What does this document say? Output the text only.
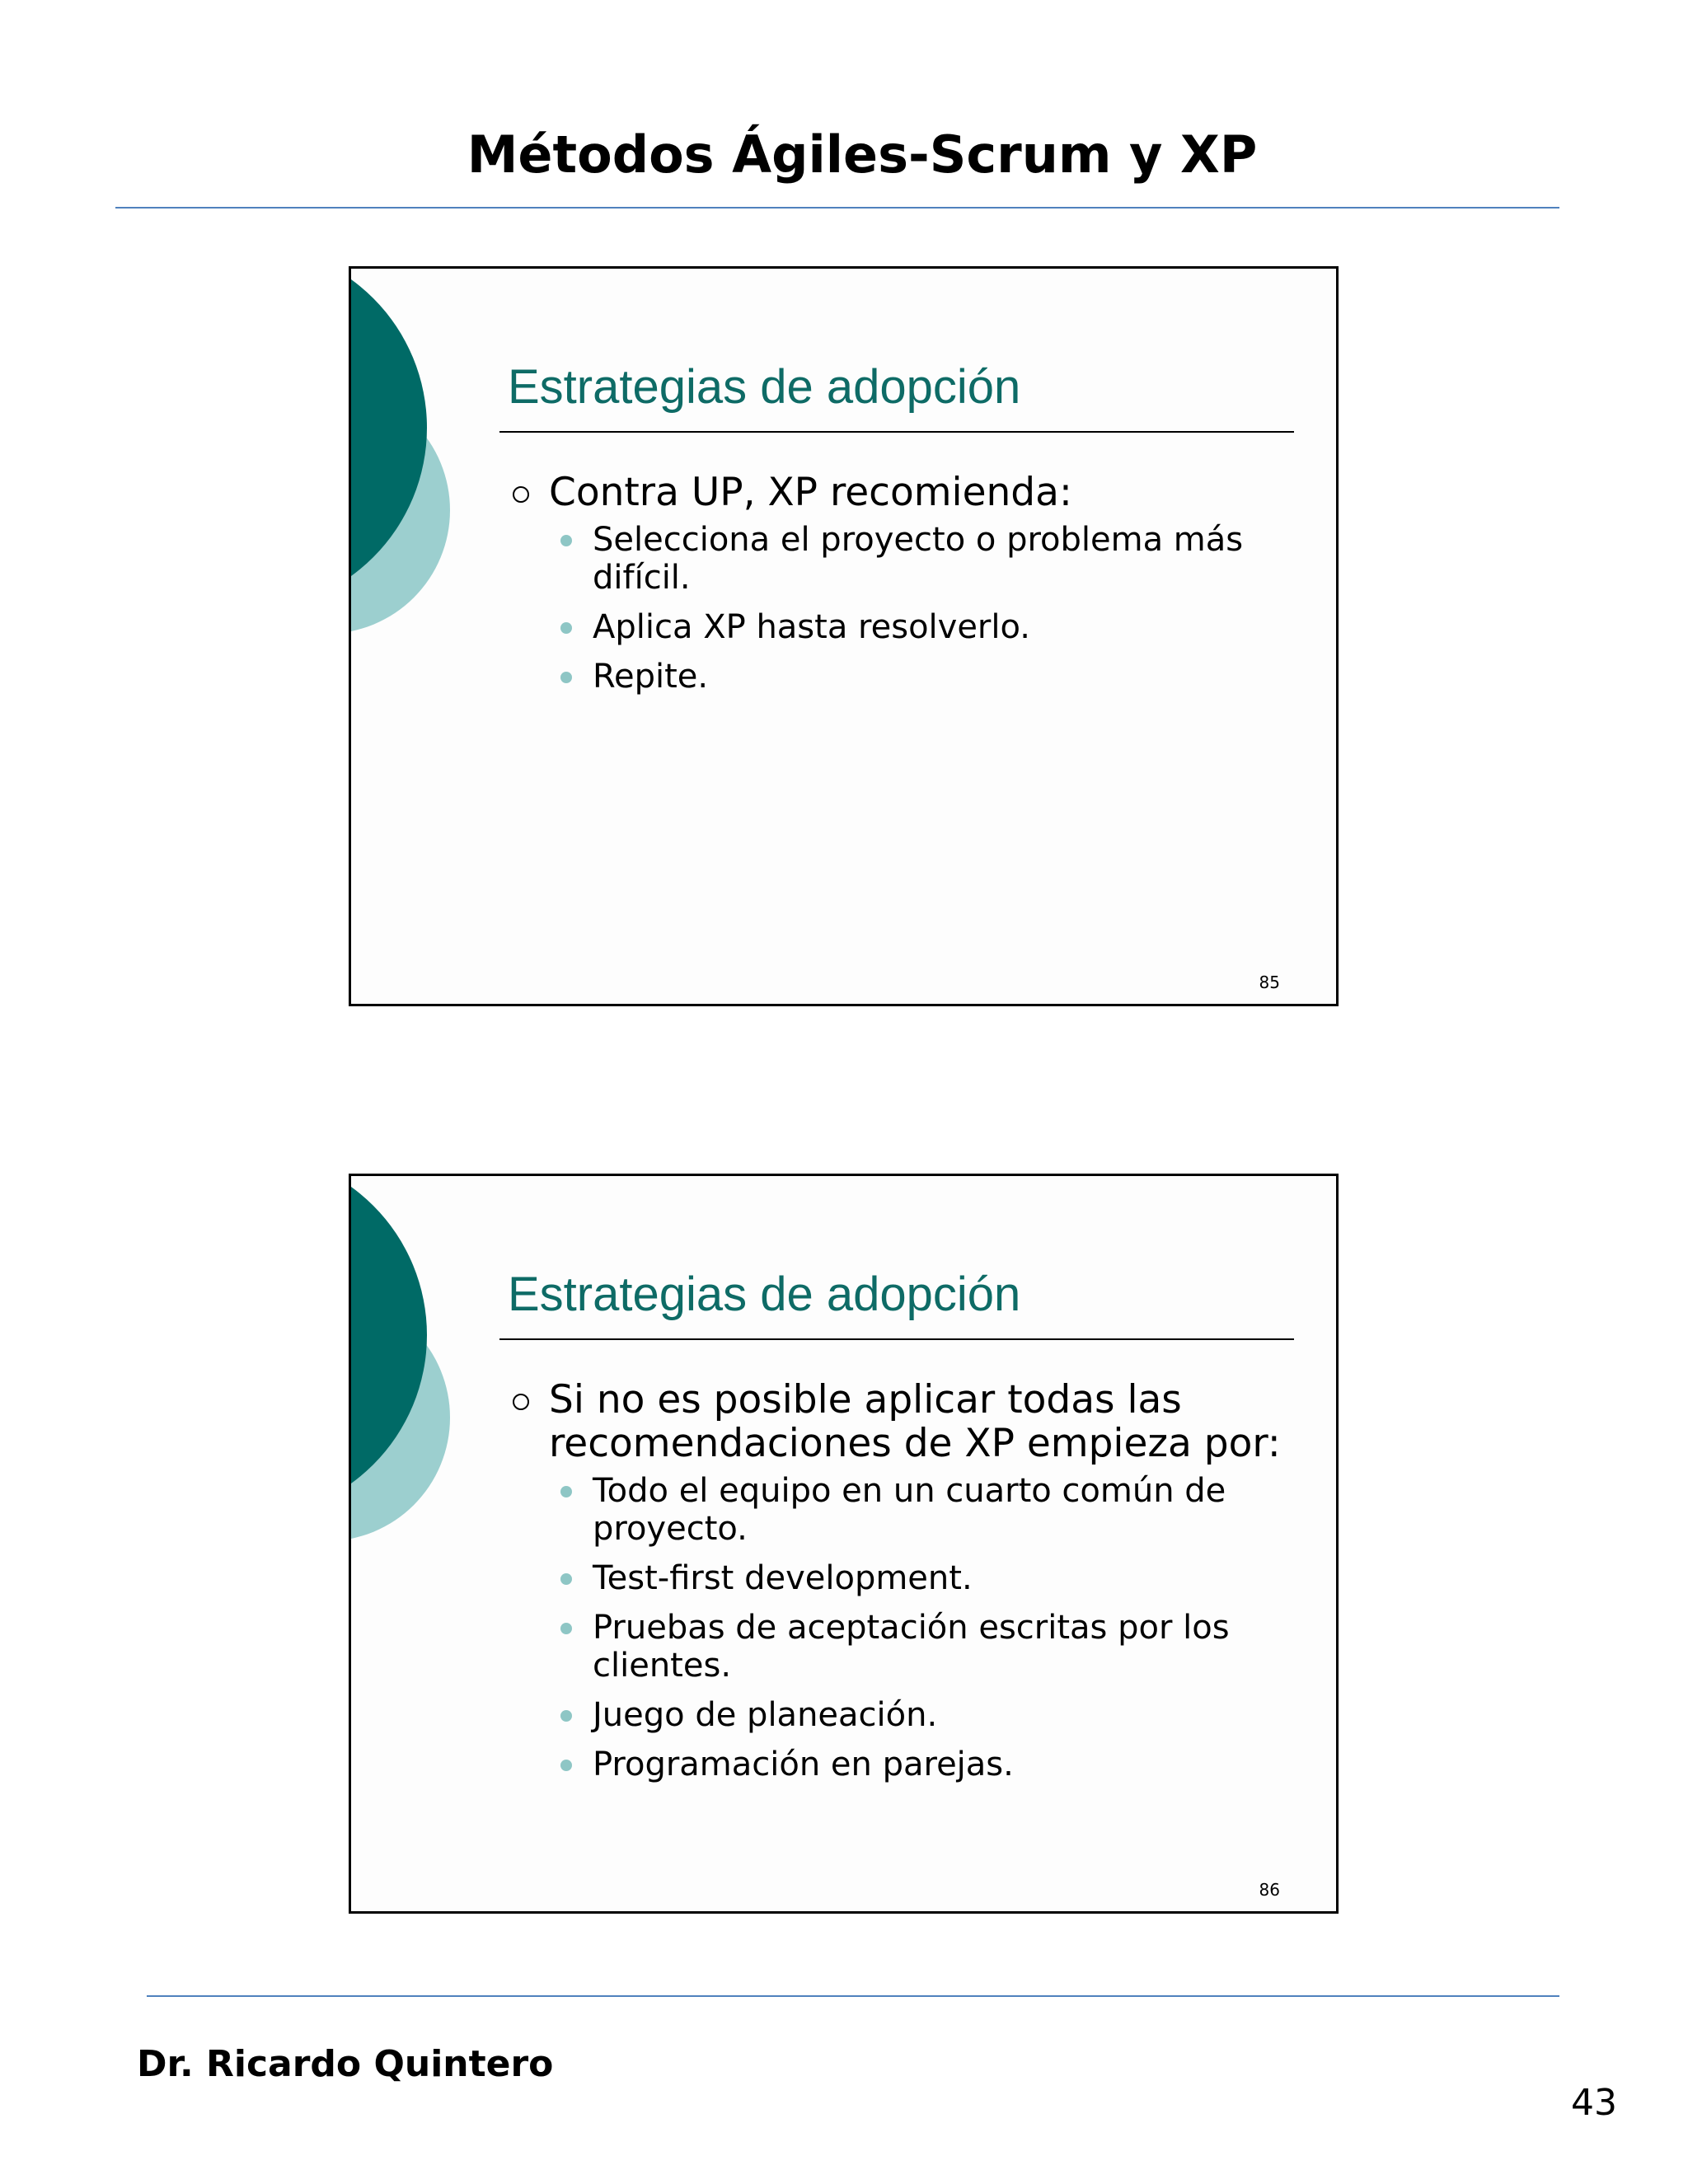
Métodos Ágiles-Scrum y XP
Estrategias de adopción
Contra UP, XP recomienda:
Selecciona el proyecto o problema más difícil.
Aplica XP hasta resolverlo.
Repite.
85
Estrategias de adopción
Si no es posible aplicar todas las recomendaciones de XP empieza por:
Todo el equipo en un cuarto común de proyecto.
Test-first development.
Pruebas de aceptación escritas por los clientes.
Juego de planeación.
Programación en parejas.
86
Dr. Ricardo Quintero
43
